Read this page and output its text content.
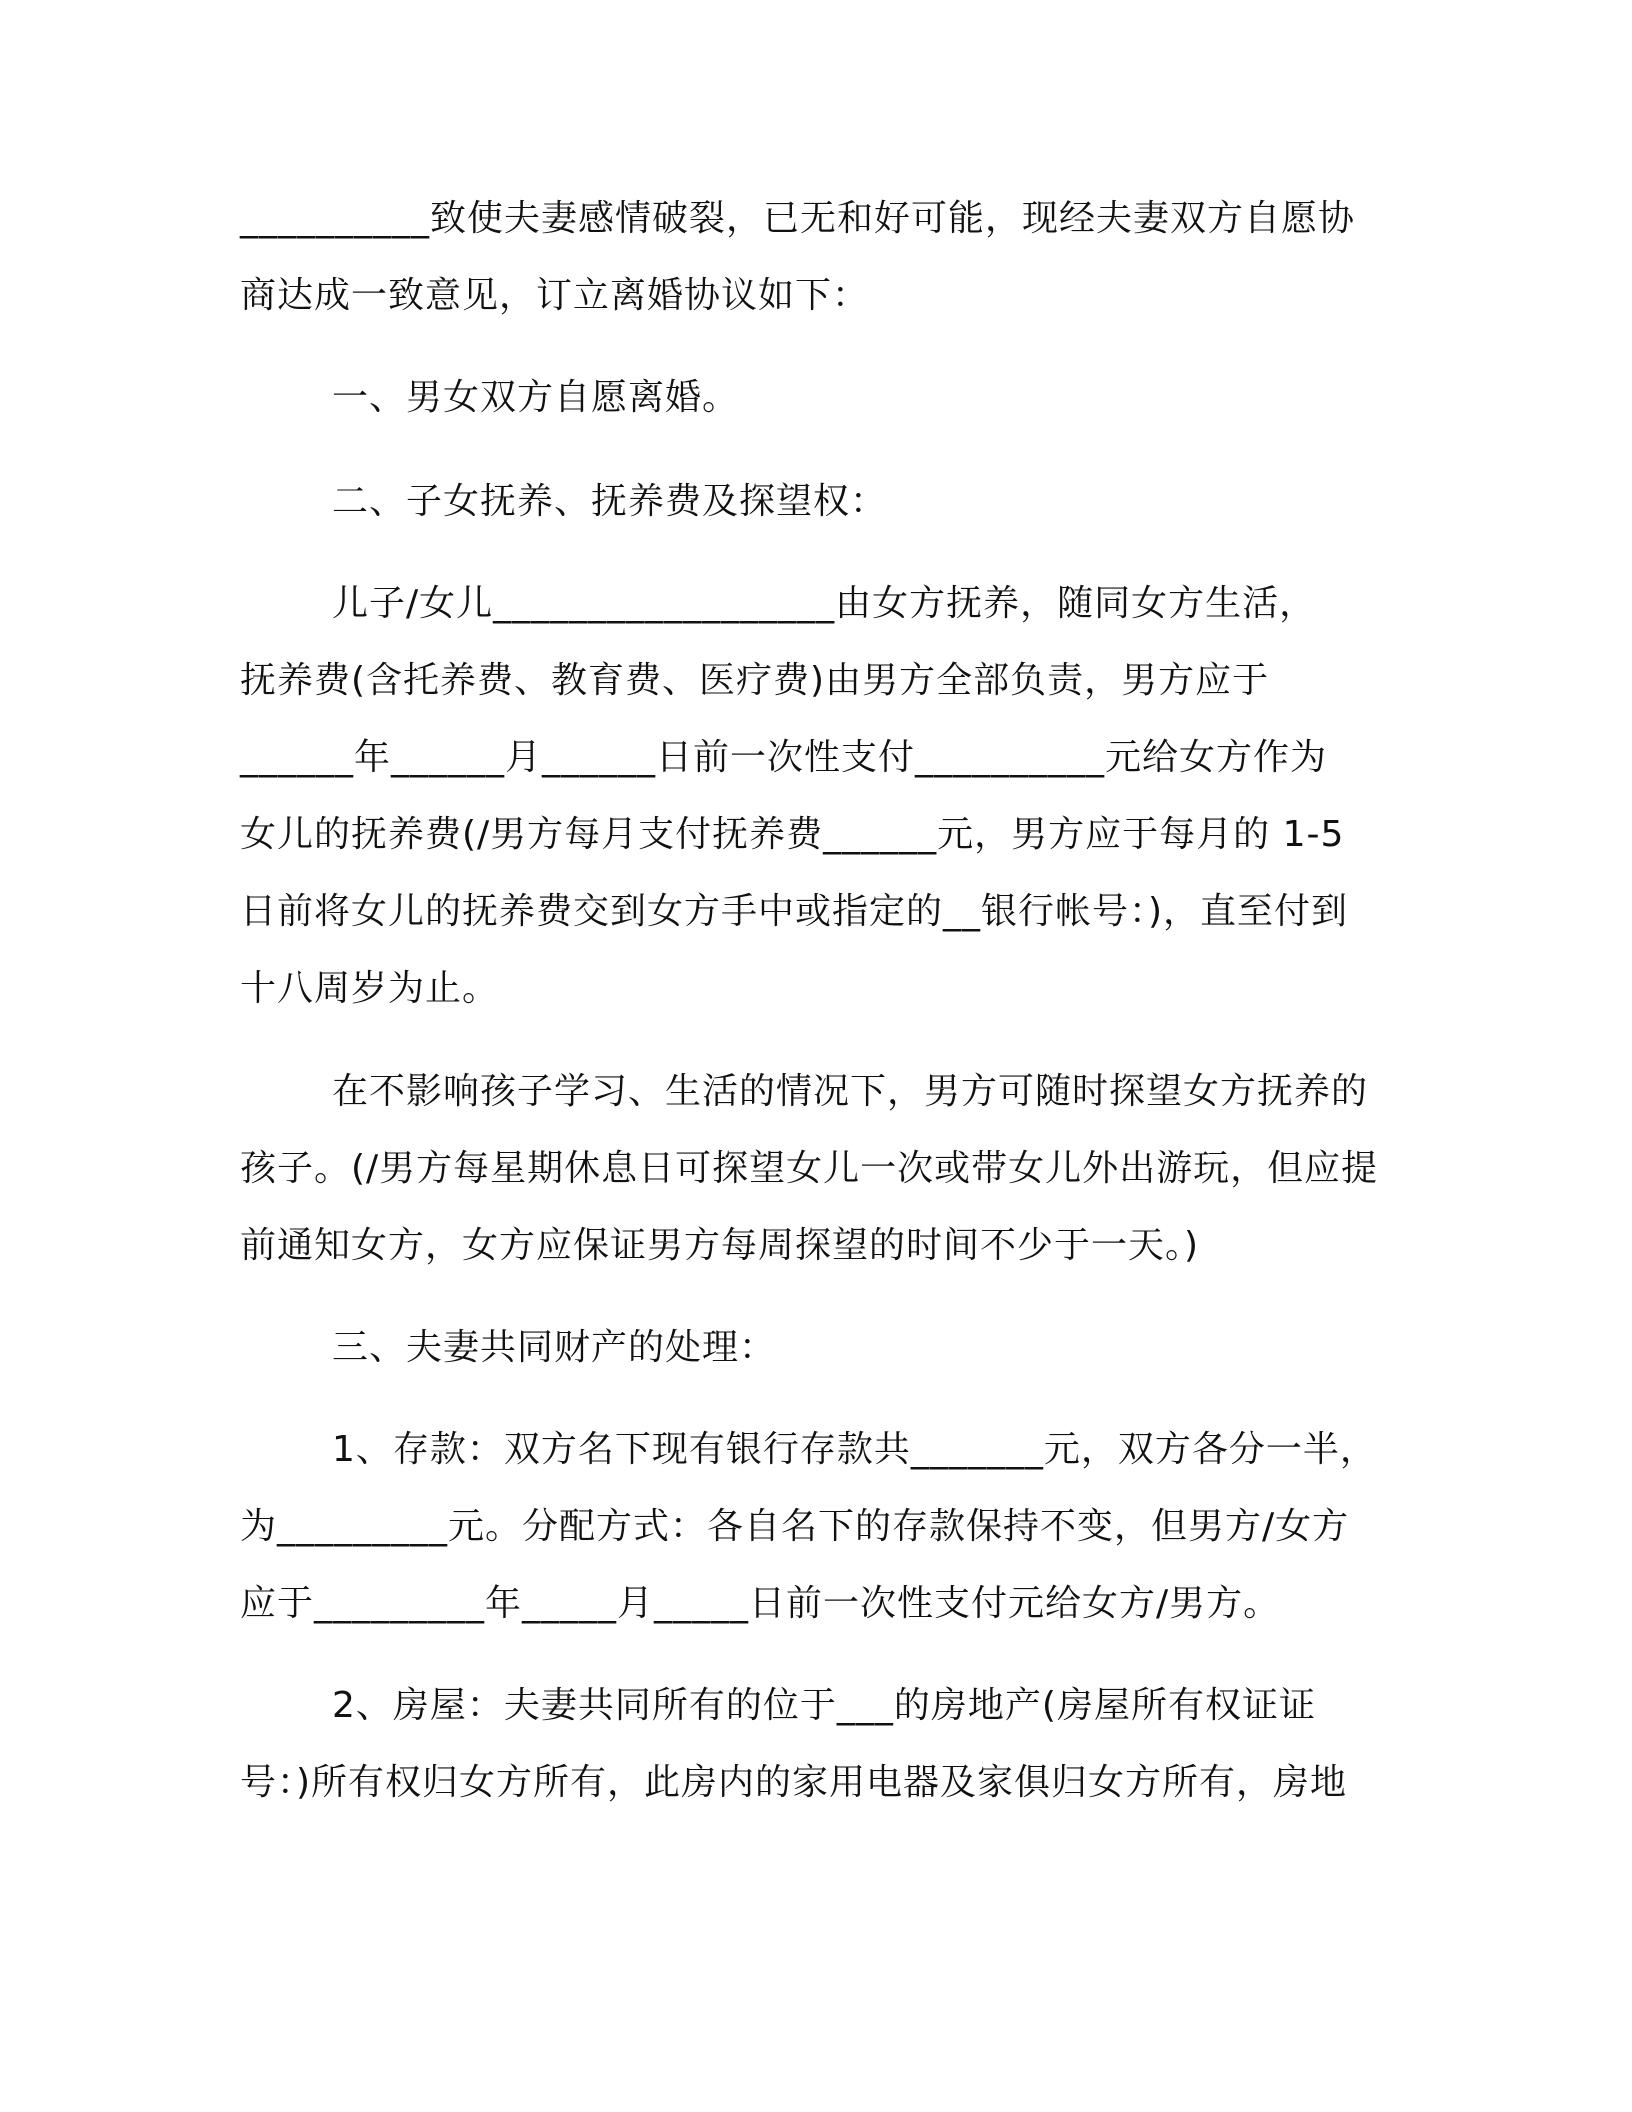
__________致使夫妻感情破裂，已无和好可能，现经夫妻双方自愿协
商达成一致意见，订立离婚协议如下：
一、男女双方自愿离婚。
二、子女抚养、抚养费及探望权：
儿子/女儿__________________由女方抚养，随同女方生活，
抚养费(含托养费、教育费、医疗费)由男方全部负责，男方应于
______年______月______日前一次性支付__________元给女方作为
女儿的抚养费(/男方每月支付抚养费______元，男方应于每月的 1-5
日前将女儿的抚养费交到女方手中或指定的__银行帐号：)，直至付到
十八周岁为止。
在不影响孩子学习、生活的情况下，男方可随时探望女方抚养的
孩子。(/男方每星期休息日可探望女儿一次或带女儿外出游玩，但应提
前通知女方，女方应保证男方每周探望的时间不少于一天。)
三、夫妻共同财产的处理：
1、存款：双方名下现有银行存款共_______元，双方各分一半，
为_________元。分配方式：各自名下的存款保持不变，但男方/女方
应于_________年_____月_____日前一次性支付元给女方/男方。
2、房屋：夫妻共同所有的位于___的房地产(房屋所有权证证
号：)所有权归女方所有，此房内的家用电器及家俱归女方所有，房地
